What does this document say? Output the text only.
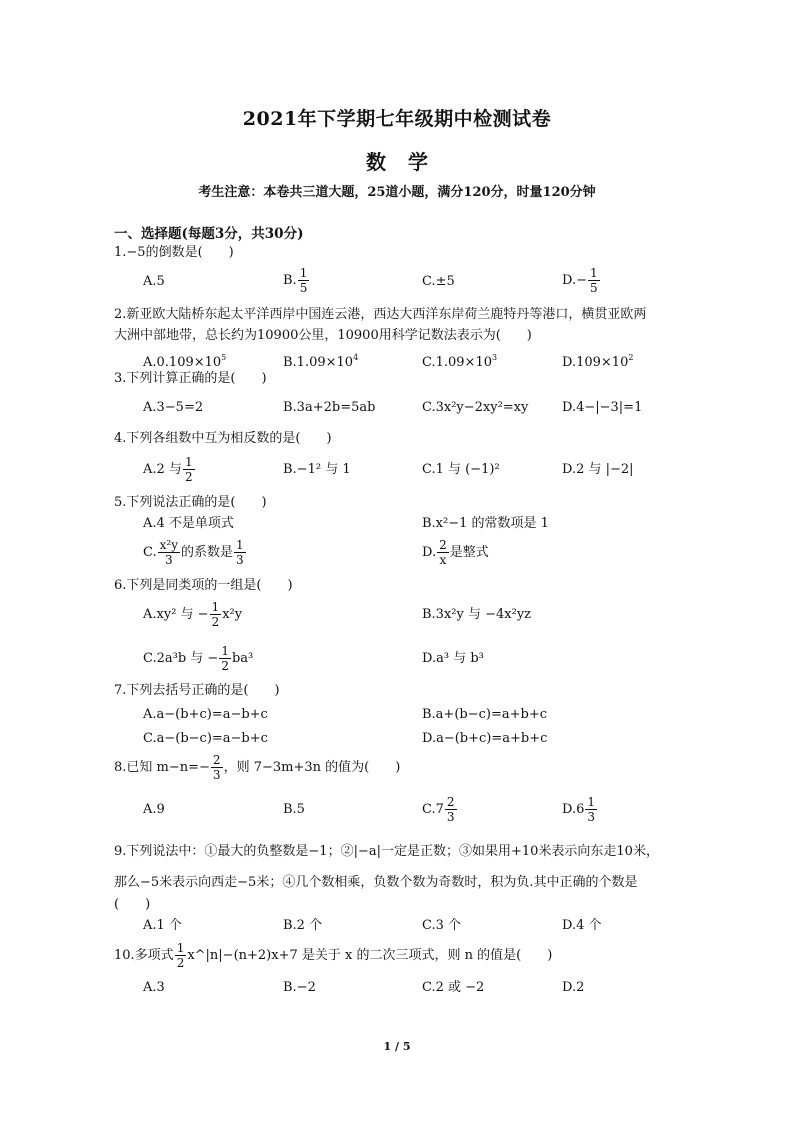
2021年下学期七年级期中检测试卷
数学
考生注意：本卷共三道大题，25道小题，满分120分，时量120分钟
一、选择题(每题3分，共30分)
1.−5的倒数是(　　)
A.5	B. $\frac{1}{5}$	C.±5	$D.- \frac{1}{5}$
2.新亚欧大陆桥东起太平洋西岸中国连云港，西达大西洋东岸荷兰鹿特丹等港口，横贯亚欧两
大洲中部地带，总长约为10900公里，10900用科学记数法表示为(　　)
$A.0.109\times 10^5$	$B.1.09\times 10^4$	$C.1.09\times 10^3$	$D.109\times 10^2$
3.下列计算正确的是(　　)
A.3−5=2	B.3a+2b=5ab	C.3x²y−2xy²=xy	D.4−|−3|=1
4.下列各组数中互为相反数的是(　　)
A.2 与 $\frac{1}{2}$	B.−1² 与 1	C.1 与 (−1)²	D.2 与 |−2|
5.下列说法正确的是(　　)
A.4 不是单项式	B.x²−1 的常数项是 1
C. $\frac{\text{x²y}}{3}$ 的系数是 $\frac{1}{3}$	D. $\frac{2}{x}$ 是整式
6.下列是同类项的一组是(　　)
A.xy² 与 − $\frac{1}{2} x^2y$	B.3x²y 与 −4x²yz
C.2a³b 与 − $\frac{1}{2} ba^3$	D.a³ 与 b³
7.下列去括号正确的是(　　)
A.a−(b+c)=a−b+c	B.a+(b−c)=a+b+c
C.a−(b−c)=a−b+c	D.a−(b+c)=a+b+c
8.已知 $m-n=- \frac{2}{3}$ ，则 7−3m+3n 的值为(　　)
A.9	B.5	$C.7 \frac{2}{3}$	$D.6 \frac{1}{3}$
9.下列说法中：①最大的负整数是−1；②|−a|一定是正数；③如果用+10米表示向东走10米，
那么−5米表示向西走−5米；④几个数相乘，负数个数为奇数时，积为负.其中正确的个数是
(　　)
A.1 个	B.2 个	C.3 个	D.4 个
10.多项式 $\frac{1}{2}$ x^|n|−(n+2)x+7 是关于 x 的二次三项式，则 n 的值是(　　)
A.3	B.−2	C.2 或 −2	D.2
1 / 5
